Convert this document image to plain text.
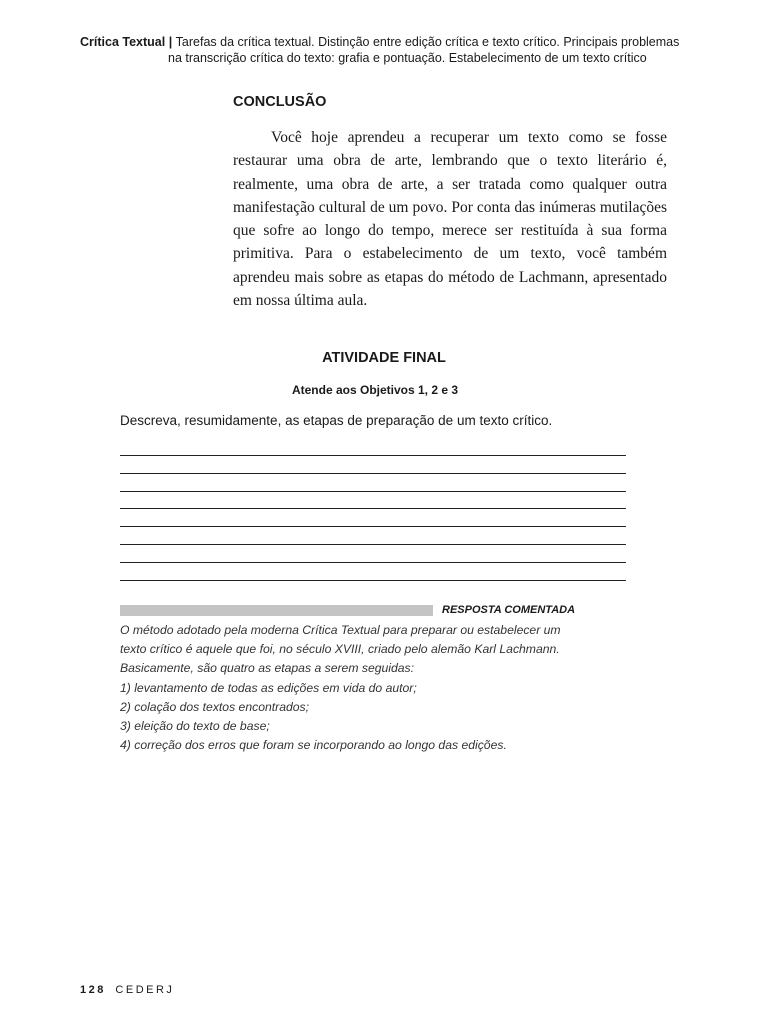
Crítica Textual | Tarefas da crítica textual. Distinção entre edição crítica e texto crítico. Principais problemas
na transcrição crítica do texto: grafia e pontuação. Estabelecimento de um texto crítico
CONCLUSÃO

Você hoje aprendeu a recuperar um texto como se fosse restaurar uma obra de arte, lembrando que o texto literário é, realmente, uma obra de arte, a ser tratada como qualquer outra manifestação cultural de um povo. Por conta das inúmeras mutilações que sofre ao longo do tempo, merece ser restituída à sua forma primitiva. Para o estabelecimento de um texto, você também aprendeu mais sobre as etapas do método de Lachmann, apresentado em nossa última aula.

ATIVIDADE FINAL
Atende aos Objetivos 1, 2 e 3
Descreva, resumidamente, as etapas de preparação de um texto crítico.
RESPOSTA COMENTADA
O método adotado pela moderna Crítica Textual para preparar ou estabelecer um
texto crítico é aquele que foi, no século XVIII, criado pelo alemão Karl Lachmann.
Basicamente, são quatro as etapas a serem seguidas:
1) levantamento de todas as edições em vida do autor;
2) colação dos textos encontrados;
3) eleição do texto de base;
4) correção dos erros que foram se incorporando ao longo das edições.
128 CEDERJ
